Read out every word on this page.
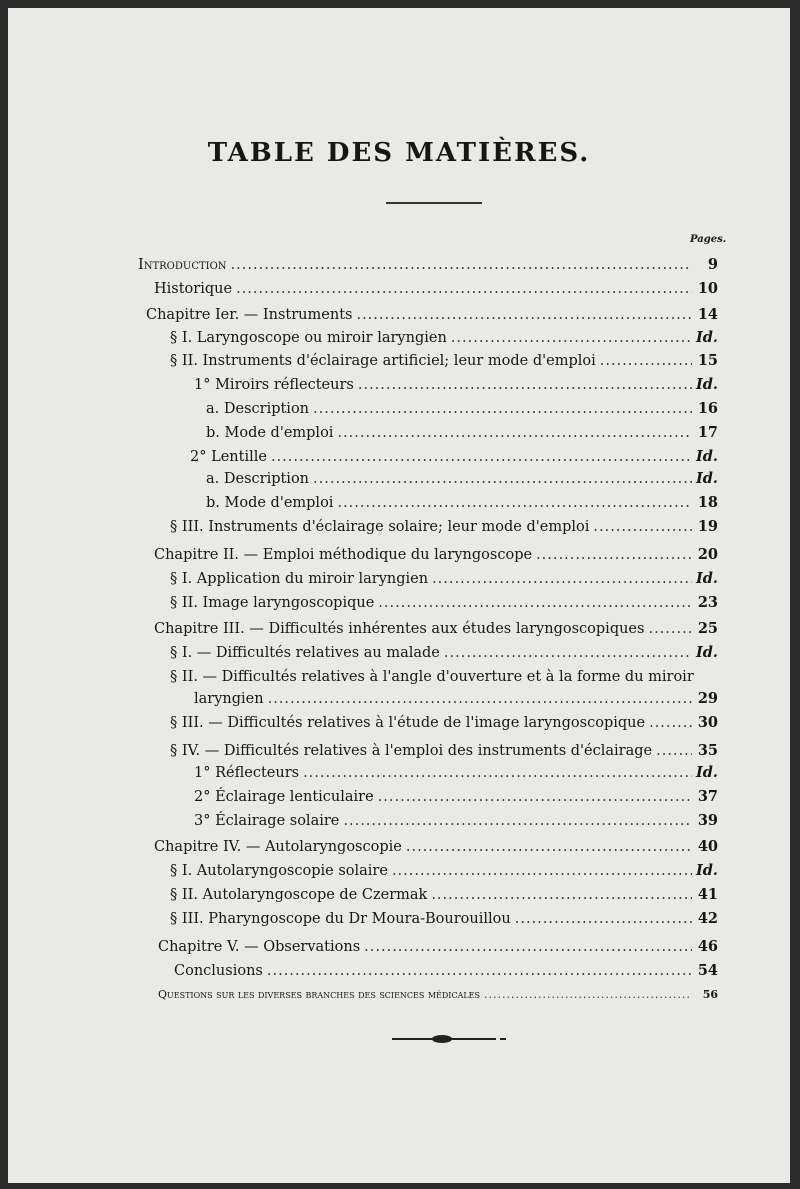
TABLE DES MATIÈRES.
Pages.
Introduction .....	9
Historique .....	10
Chapitre Ier. — Instruments .....	14
§ I. Laryngoscope ou miroir laryngien .....	Id.
§ II. Instruments d'éclairage artificiel; leur mode d'emploi .....	15
1° Miroirs réflecteurs .....	Id.
a. Description .....	16
b. Mode d'emploi .....	17
2° Lentille .....	Id.
a. Description .....	Id.
b. Mode d'emploi .....	18
§ III. Instruments d'éclairage solaire; leur mode d'emploi .....	19
Chapitre II. — Emploi méthodique du laryngoscope .....	20
§ I. Application du miroir laryngien .....	Id.
§ II. Image laryngoscopique .....	23
Chapitre III. — Difficultés inhérentes aux études laryngoscopiques .....	25
§ I. — Difficultés relatives au malade .....	Id.
§ II. — Difficultés relatives à l'angle d'ouverture et à la forme du miroir
laryngien .....	29
§ III. — Difficultés relatives à l'étude de l'image laryngoscopique .....	30
§ IV. — Difficultés relatives à l'emploi des instruments d'éclairage .....	35
1° Réflecteurs .....	Id.
2° Éclairage lenticulaire .....	37
3° Éclairage solaire .....	39
Chapitre IV. — Autolaryngoscopie .....	40
§ I. Autolaryngoscopie solaire .....	Id.
§ II. Autolaryngoscope de Czermak .....	41
§ III. Pharyngoscope du Dr Moura-Bourouillou .....	42
Chapitre V. — Observations .....	46
Conclusions .....	54
Questions sur les diverses branches des sciences médicales .....	56
